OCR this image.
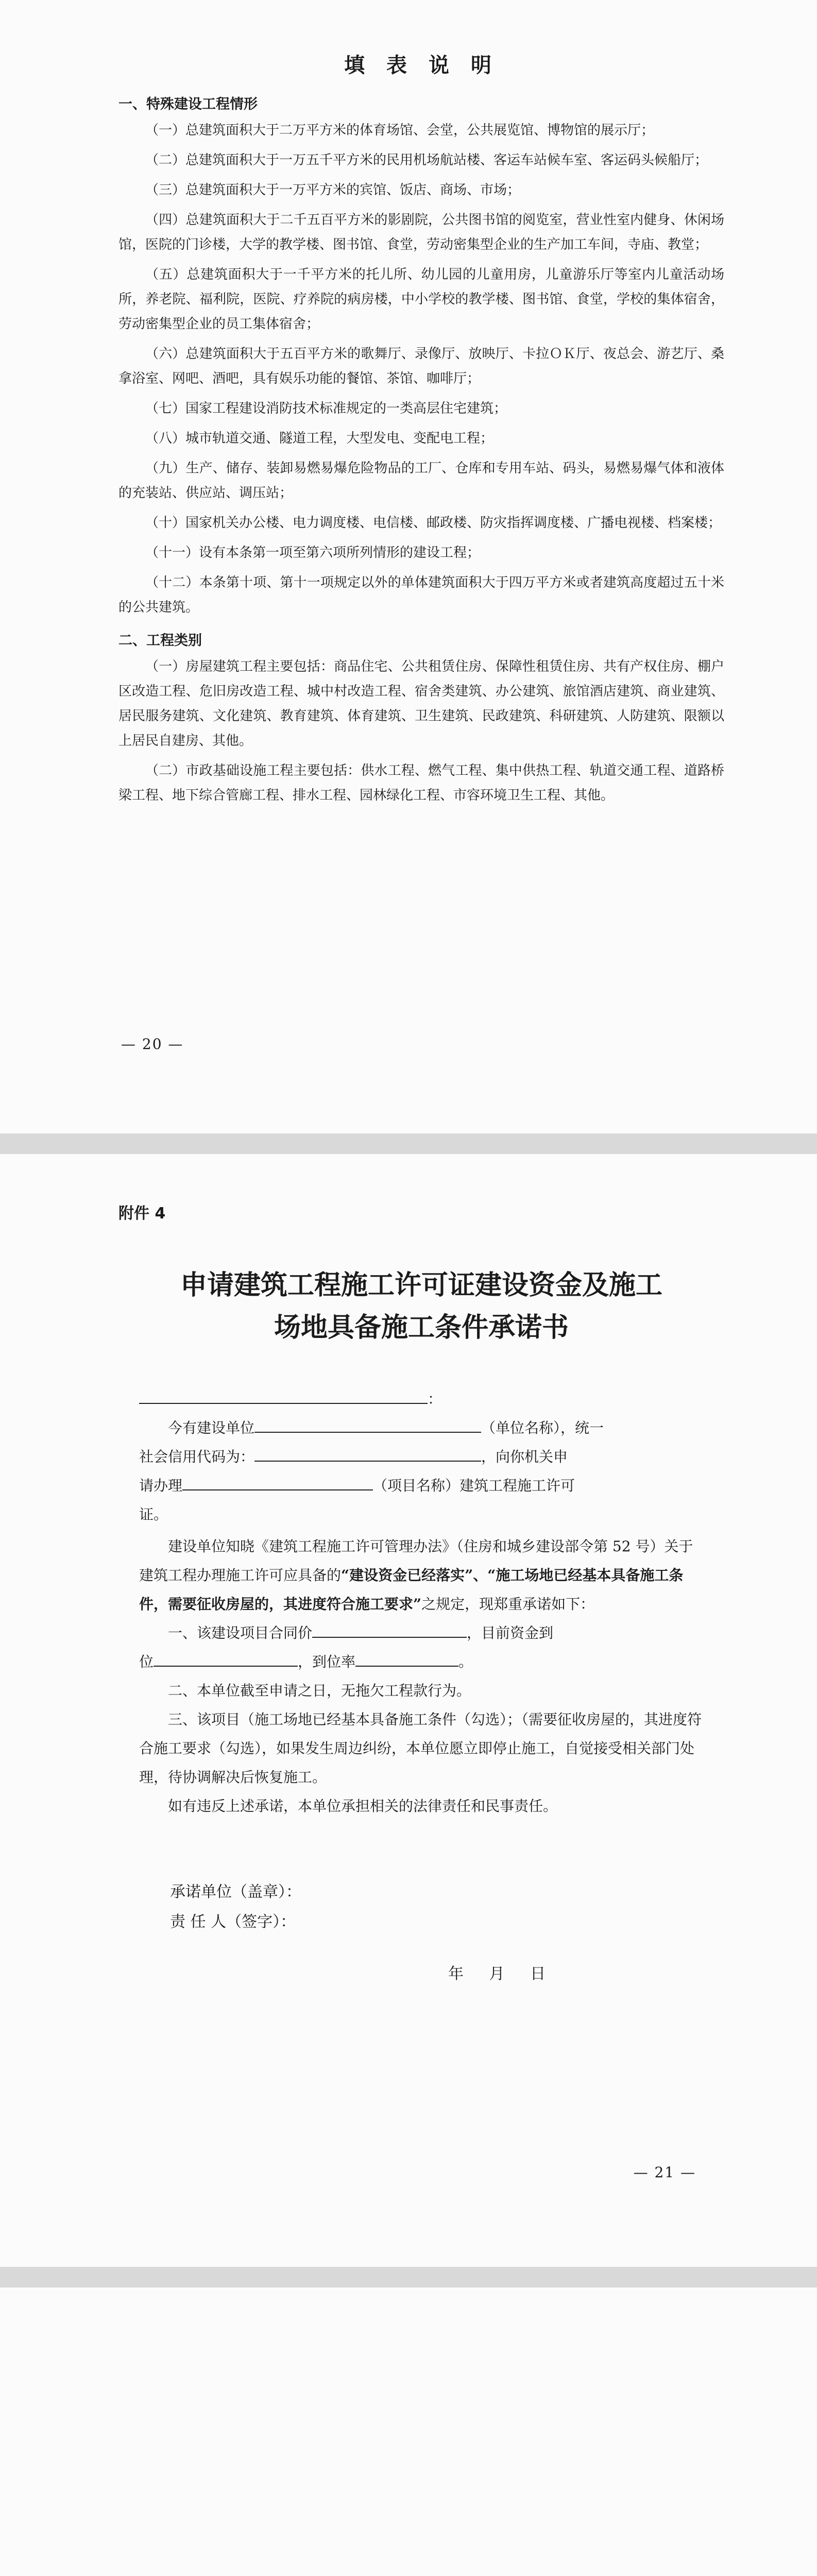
填 表 说 明
一、特殊建设工程情形

（一）总建筑面积大于二万平方米的体育场馆、会堂，公共展览馆、博物馆的展示厅；

（二）总建筑面积大于一万五千平方米的民用机场航站楼、客运车站候车室、客运码头候船厅；

（三）总建筑面积大于一万平方米的宾馆、饭店、商场、市场；

（四）总建筑面积大于二千五百平方米的影剧院，公共图书馆的阅览室，营业性室内健身、休闲场馆，医院的门诊楼，大学的教学楼、图书馆、食堂，劳动密集型企业的生产加工车间，寺庙、教堂；

（五）总建筑面积大于一千平方米的托儿所、幼儿园的儿童用房，儿童游乐厅等室内儿童活动场所，养老院、福利院，医院、疗养院的病房楼，中小学校的教学楼、图书馆、食堂，学校的集体宿舍，劳动密集型企业的员工集体宿舍；

（六）总建筑面积大于五百平方米的歌舞厅、录像厅、放映厅、卡拉ＯＫ厅、夜总会、游艺厅、桑拿浴室、网吧、酒吧，具有娱乐功能的餐馆、茶馆、咖啡厅；

（七）国家工程建设消防技术标准规定的一类高层住宅建筑；

（八）城市轨道交通、隧道工程，大型发电、变配电工程；

（九）生产、储存、装卸易燃易爆危险物品的工厂、仓库和专用车站、码头，易燃易爆气体和液体的充装站、供应站、调压站；

（十）国家机关办公楼、电力调度楼、电信楼、邮政楼、防灾指挥调度楼、广播电视楼、档案楼；

（十一）设有本条第一项至第六项所列情形的建设工程；

（十二）本条第十项、第十一项规定以外的单体建筑面积大于四万平方米或者建筑高度超过五十米的公共建筑。

二、工程类别

（一）房屋建筑工程主要包括：商品住宅、公共租赁住房、保障性租赁住房、共有产权住房、棚户区改造工程、危旧房改造工程、城中村改造工程、宿舍类建筑、办公建筑、旅馆酒店建筑、商业建筑、居民服务建筑、文化建筑、教育建筑、体育建筑、卫生建筑、民政建筑、科研建筑、人防建筑、限额以上居民自建房、其他。

（二）市政基础设施工程主要包括：供水工程、燃气工程、集中供热工程、轨道交通工程、道路桥梁工程、地下综合管廊工程、排水工程、园林绿化工程、市容环境卫生工程、其他。

— 20 —
附件 4
申请建筑工程施工许可证建设资金及施工
场地具备施工条件承诺书

：

今有建设单位	（单位名称），统一

社会信用代码为：	，向你机关申

请办理	（项目名称）建筑工程施工许可

证。

建设单位知晓《建筑工程施工许可管理办法》（住房和城乡建设部令第 52 号）关于建筑工程办理施工许可应具备的“建设资金已经落实”、“施工场地已经基本具备施工条件，需要征收房屋的，其进度符合施工要求”之规定，现郑重承诺如下：

一、该建设项目合同价	，目前资金到

位	，到位率	。

二、本单位截至申请之日，无拖欠工程款行为。

三、该项目（施工场地已经基本具备施工条件（勾选）；（需要征收房屋的，其进度符合施工要求（勾选），如果发生周边纠纷，本单位愿立即停止施工，自觉接受相关部门处理，待协调解决后恢复施工。

如有违反上述承诺，本单位承担相关的法律责任和民事责任。

承诺单位（盖章）：

责 任 人（签字）：

年 月 日

— 21 —
